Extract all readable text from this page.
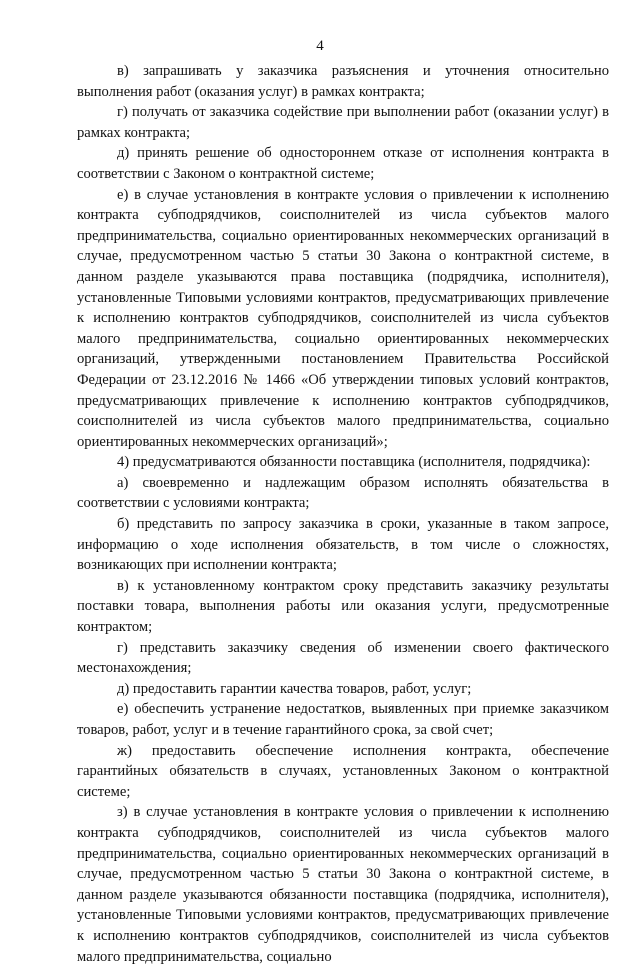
4

в) запрашивать у заказчика разъяснения и уточнения относительно выполнения работ (оказания услуг) в рамках контракта;

г) получать от заказчика содействие при выполнении работ (оказании услуг) в рамках контракта;

д) принять решение об одностороннем отказе от исполнения контракта в соответствии с Законом о контрактной системе;

е) в случае установления в контракте условия о привлечении к исполнению контракта субподрядчиков, соисполнителей из числа субъектов малого предпринимательства, социально ориентированных некоммерческих организаций в случае, предусмотренном частью 5 статьи 30 Закона о контрактной системе, в данном разделе указываются права поставщика (подрядчика, исполнителя), установленные Типовыми условиями контрактов, предусматривающих привлечение к исполнению контрактов субподрядчиков, соисполнителей из числа субъектов малого предпринимательства, социально ориентированных некоммерческих организаций, утвержденными постановлением Правительства Российской Федерации от 23.12.2016 № 1466 «Об утверждении типовых условий контрактов, предусматривающих привлечение к исполнению контрактов субподрядчиков, соисполнителей из числа субъектов малого предпринимательства, социально ориентированных некоммерческих организаций»;

4) предусматриваются обязанности поставщика (исполнителя, подрядчика):

а) своевременно и надлежащим образом исполнять обязательства в соответствии с условиями контракта;

б) представить по запросу заказчика в сроки, указанные в таком запросе, информацию о ходе исполнения обязательств, в том числе о сложностях, возникающих при исполнении контракта;

в) к установленному контрактом сроку представить заказчику результаты поставки товара, выполнения работы или оказания услуги, предусмотренные контрактом;

г) представить заказчику сведения об изменении своего фактического местонахождения;

д) предоставить гарантии качества товаров, работ, услуг;

е) обеспечить устранение недостатков, выявленных при приемке заказчиком товаров, работ, услуг и в течение гарантийного срока, за свой счет;

ж) предоставить обеспечение исполнения контракта, обеспечение гарантийных обязательств в случаях, установленных Законом о контрактной системе;

з) в случае установления в контракте условия о привлечении к исполнению контракта субподрядчиков, соисполнителей из числа субъектов малого предпринимательства, социально ориентированных некоммерческих организаций в случае, предусмотренном частью 5 статьи 30 Закона о контрактной системе, в данном разделе указываются обязанности поставщика (подрядчика, исполнителя), установленные Типовыми условиями контрактов, предусматривающих привлечение к исполнению контрактов субподрядчиков, соисполнителей из числа субъектов малого предпринимательства, социально
